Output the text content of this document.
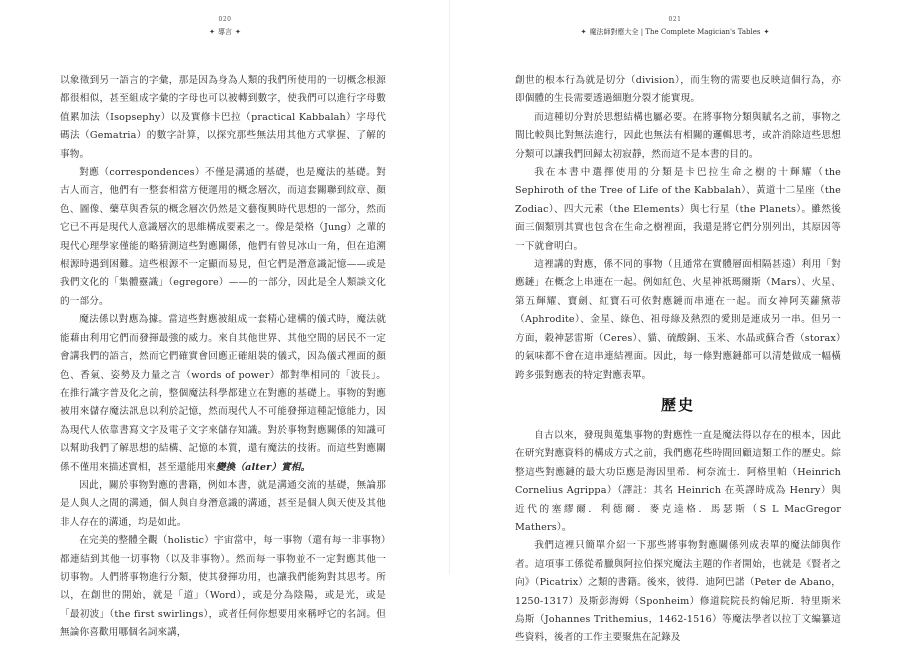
020
✦ 導言 ✦

以象徵到另一語言的字彙，那是因為身為人類的我們所使用的一切概念根源都很相似，甚至組成字彙的字母也可以被轉到數字，使我們可以進行字母數值累加法（Isopsephy）以及實修卡巴拉（practical Kabbalah）字母代碼法（Gematria）的數字計算，以探究那些無法用其他方式掌握、了解的事物。

對應（correspondences）不僅是溝通的基礎，也是魔法的基礎。對古人而言，他們有一整套相當方便運用的概念層次，而這套關聯到紋章、顏色、圖像、藥草與香氛的概念層次仍然是文藝復興時代思想的一部分，然而它已不再是現代人意識層次的思維構成要素之一。像是榮格（Jung）之輩的現代心理學家僅能的略猜測這些對應關係，他們有曾見冰山一角，但在追溯根源時遇到困難。這些根源不一定顯而易見，但它們是潛意識記憶——或是我們文化的「集體靈識」（egregore）——的一部分，因此是全人類談文化的一部分。

魔法係以對應為據。當這些對應被組成一套精心建構的儀式時，魔法就能藉由利用它們而發揮最強的威力。來自其他世界、其他空間的居民不一定會講我們的語言，然而它們確實會回應正確組裝的儀式，因為儀式裡面的顏色、香氣、姿勢及力量之言（words of power）都對準相同的「波長」。在推行識字普及化之前，整個魔法科學都建立在對應的基礎上。事物的對應被用來儲存魔法訊息以利於記憶，然而現代人不可能發揮這種記憶能力，因為現代人依靠書寫文字及電子文字來儲存知識。對於事物對應關係的知識可以幫助我們了解思想的結構、記憶的本質，還有魔法的技術。而這些對應關係不僅用來描述實相，甚至還能用來變換（alter）實相。

因此，關於事物對應的書籍，例如本書，就是溝通交流的基礎，無論那是人與人之間的溝通，個人與自身潛意識的溝通，甚至是個人與天使及其他非人存在的溝通，均是如此。

在完美的整體全觀（holistic）宇宙當中，每一事物（還有每一非事物）都連結到其他一切事物（以及非事物）。然而每一事物並不一定對應其他一切事物。人們將事物進行分類，使其發揮功用，也讓我們能夠對其思考。所以，在創世的開始，就是「道」（Word），或是分為陰陽，或是光，或是「最初波」（the first swirlings），或者任何你想要用來稱呼它的名詞。但無論你喜歡用哪個名詞來講，

021
✦ 魔法師對應大全 | The Complete Magician's Tables ✦

創世的根本行為就是切分（division），而生物的需要也反映這個行為，亦即個體的生長需要透過細胞分裂才能實現。

而這種切分對於思想結構也屬必要。在將事物分類與賦名之前，事物之間比較與比對無法進行，因此也無法有相關的邏輯思考，或許消除這些思想分類可以讓我們回歸太初寂靜，然而這不是本書的目的。

我在本書中選擇使用的分類是卡巴拉生命之樹的十輝耀（the Sephiroth of the Tree of Life of the Kabbalah）、黃道十二星座（the Zodiac）、四大元素（the Elements）與七行星（the Planets）。雖然後面三個類別其實也包含在生命之樹裡面，我還是將它們分別列出，其原因等一下就會明白。

這裡講的對應，係不同的事物（且通常在實體層面相隔甚遠）利用「對應鏈」在概念上串連在一起。例如紅色、火星神祇瑪爾斯（Mars）、火星、第五輝耀、寶劍、紅寶石可依對應鏈而串連在一起。而女神阿芙蘿黛蒂（Aphrodite）、金星、綠色、祖母綠及熱烈的愛則是連成另一串。但另一方面，穀神瑟雷斯（Ceres）、貓、硫酸銅、玉米、水晶或蘇合香（storax）的氣味都不會在這串連結裡面。因此，每一條對應鏈都可以清楚做成一幅橫跨多張對應表的特定對應表單。

歷史

自古以來，發現與蒐集事物的對應性一直是魔法得以存在的根本，因此在研究對應資料的構成方式之前，我們應花些時間回顧這類工作的歷史。綜整這些對應鏈的最大功臣應是海因里希．柯奈流士．阿格里帕（Heinrich Cornelius Agrippa）（譯註：其名 Heinrich 在英譯時成為 Henry）與近代的塞繆爾．利德爾．麥克逵格．馬瑟斯（S L MacGregor Mathers）。

我們這裡只簡單介紹一下那些將事物對應關係列成表單的魔法師與作者。這項事工係從希臘與阿拉伯探究魔法主題的作者開始，也就是《賢者之向》（Picatrix）之類的書籍。後來，彼得．迪阿巴諾（Peter de Abano，1250-1317）及斯彭海姆（Sponheim）修道院院長約翰尼斯．特里斯米烏斯（Johannes Trithemius，1462-1516）等魔法學者以拉丁文編纂這些資料，後者的工作主要聚焦在記錄及
